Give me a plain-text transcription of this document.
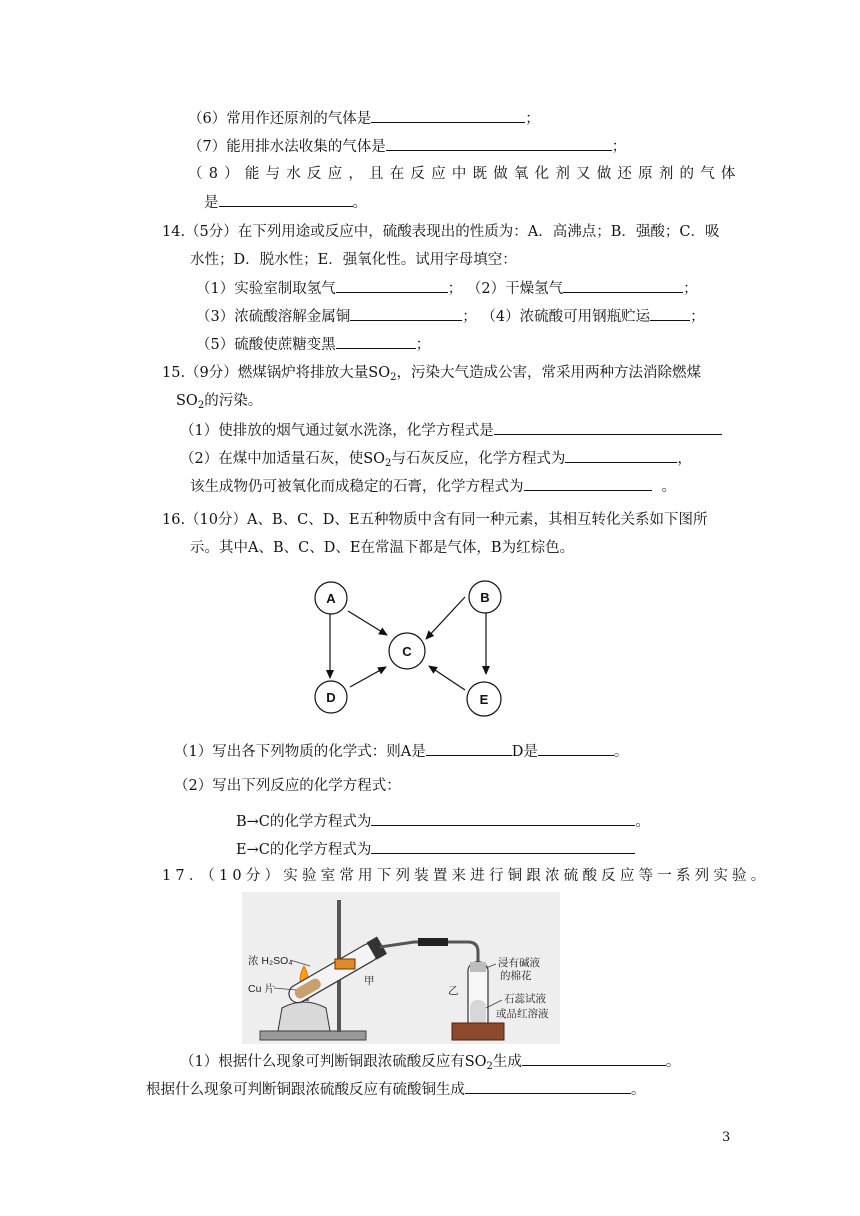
（6）常用作还原剂的气体是	；
（7）能用排水法收集的气体是	；
（8）能与水反应，且在反应中既做氧化剂又做还原剂的气体
是	。
14.（5分）在下列用途或反应中，硫酸表现出的性质为：A．高沸点；B．强酸；C．吸
水性；D．脱水性；E．强氧化性。试用字母填空：
（1）实验室制取氢气	； （2）干燥氢气	；
（3）浓硫酸溶解金属铜	； （4）浓硫酸可用钢瓶贮运	；
（5）硫酸使蔗糖变黑	；
15.（9分）燃煤锅炉将排放大量$SO_2$，污染大气造成公害，常采用两种方法消除燃煤
$SO_2$的污染。
（1）使排放的烟气通过氨水洗涤，化学方程式是
（2）在煤中加适量石灰，使$SO_2$与石灰反应，化学方程式为	，
该生成物仍可被氧化而成稳定的石膏，化学方程式为	。
16.（10分）A、B、C、D、E五种物质中含有同一种元素，其相互转化关系如下图所
示。其中A、B、C、D、E在常温下都是气体，B为红棕色。
A	B
C
D	E
（1）写出各下列物质的化学式：则A是	D是	。
（2）写出下列反应的化学方程式：
B→C的化学方程式为	。
E→C的化学方程式为
17．（10分）实验室常用下列装置来进行铜跟浓硫酸反应等一系列实验。
浓 H₂SO₄
Cu 片
甲
乙
浸有碱液
的棉花
石蕊试液
或品红溶液
（1）根据什么现象可判断铜跟浓硫酸反应有$SO_2$生成	。
根据什么现象可判断铜跟浓硫酸反应有硫酸铜生成	。
3
